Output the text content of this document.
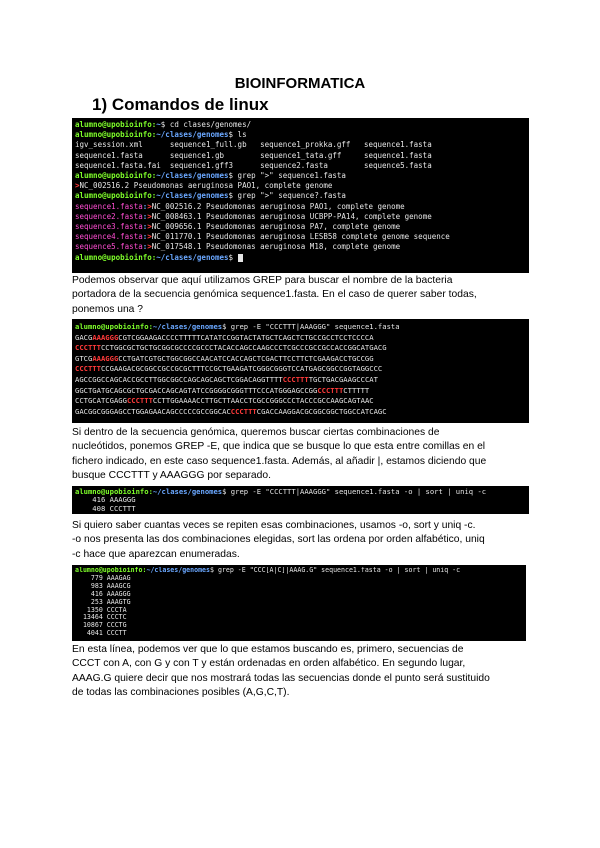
BIOINFORMATICA
1) Comandos de linux
alumno@upobioinfo:~$ cd clases/genomes/
alumno@upobioinfo:~/clases/genomes$ ls
igv_session.xml      sequence1_full.gb   sequence1_prokka.gff   sequence1.fasta
sequence1.fasta      sequence1.gb        sequence1_tata.gff     sequence1.fasta
sequence1.fasta.fai  sequence1.gff3      sequence2.fasta        sequence5.fasta
alumno@upobioinfo:~/clases/genomes$ grep ">" sequence1.fasta
>NC_002516.2 Pseudomonas aeruginosa PAO1, complete genome
alumno@upobioinfo:~/clases/genomes$ grep ">" sequence?.fasta
sequence1.fasta:>NC_002516.2 Pseudomonas aeruginosa PAO1, complete genome
sequence2.fasta:>NC_008463.1 Pseudomonas aeruginosa UCBPP-PA14, complete genome
sequence3.fasta:>NC_009656.1 Pseudomonas aeruginosa PA7, complete genome
sequence4.fasta:>NC_011770.1 Pseudomonas aeruginosa LESB58 complete genome sequence
sequence5.fasta:>NC_017548.1 Pseudomonas aeruginosa M18, complete genome
alumno@upobioinfo:~/clases/genomes$
Podemos observar que aquí utilizamos GREP para buscar el nombre de la bacteria
portadora de la secuencia genómica sequence1.fasta. En el caso de querer saber todas,
ponemos una ?
alumno@upobioinfo:~/clases/genomes$ grep -E "CCCTTT|AAAGGG" sequence1.fasta
GACGAAAGGGCGTCGGAAGACCCCTTTTTCATATCCGGTACTATGCTCAGCTCTGCCGCCTCCTCCCCA
CCCTTTCCTGGCGCTGCTGCGGCGCCCCGCCCTACACCAGCCAAGCCCTCGCCCGCCGCCACCGGCATGACG
GTCGAAAGGGCCTGATCGTGCTGGCGGCCAACATCCACCAGCTCGACTTCCTTCTCGAAGACCTGCCGG
CCCTTTCCGAAGACGCGGCCGCCGCGCTTTCCGCTGAAGATCGGGCGGGTCCATGAGCGGCCGGTAGGCCC
AGCCGGCCAGCACCGCCTTGGCGGCCAGCAGCAGCTCGGACAGGTTTTCCCTTTTGCTGACGAAGCCCAT
GGCTGATGCAGCGCTGCGACCAGCAGTATCCGGGGCGGGTTTCCCATGGGAGCCGGCCCTTTCTTTTT
CCTGCATCGAGGCCCTTTCCTTGGAAAACCTTGCTTAACCTCGCCGGGCCCTACCCGCCAAGCAGTAAC
GACGGCGGGAGCCTGGAGAACAGCCCCCGCCGGCACCCCTTTCGACCAAGGACGCGGCGGCTGGCCATCAGC
Si dentro de la secuencia genómica, queremos buscar ciertas combinaciones de
nucleótidos, ponemos GREP -E, que indica que se busque lo que esta entre comillas en el
fichero indicado, en este caso sequence1.fasta. Además, al añadir |, estamos diciendo que
busque CCCTTT y AAAGGG por separado.
alumno@upobioinfo:~/clases/genomes$ grep -E "CCCTTT|AAAGGG" sequence1.fasta -o | sort | uniq -c
416 AAAGGG
408 CCCTTT
Si quiero saber cuantas veces se repiten esas combinaciones, usamos -o, sort y uniq -c.
-o nos presenta las dos combinaciones elegidas, sort las ordena por orden alfabético, uniq
-c hace que aparezcan enumeradas.
alumno@upobioinfo:~/clases/genomes$ grep -E "CCC[A|C]|AAAG.G" sequence1.fasta -o | sort | uniq -c
779 AAAGAG
983 AAAGCG
416 AAAGGG
253 AAAGTG
1350 CCCTA
13464 CCCTC
10867 CCCTG
4041 CCCTT
En esta línea, podemos ver que lo que estamos buscando es, primero, secuencias de
CCCT con A, con G y con T y están ordenadas en orden alfabético. En segundo lugar,
AAAG.G quiere decir que nos mostrará todas las secuencias donde el punto será sustituido
de todas las combinaciones posibles (A,G,C,T).
